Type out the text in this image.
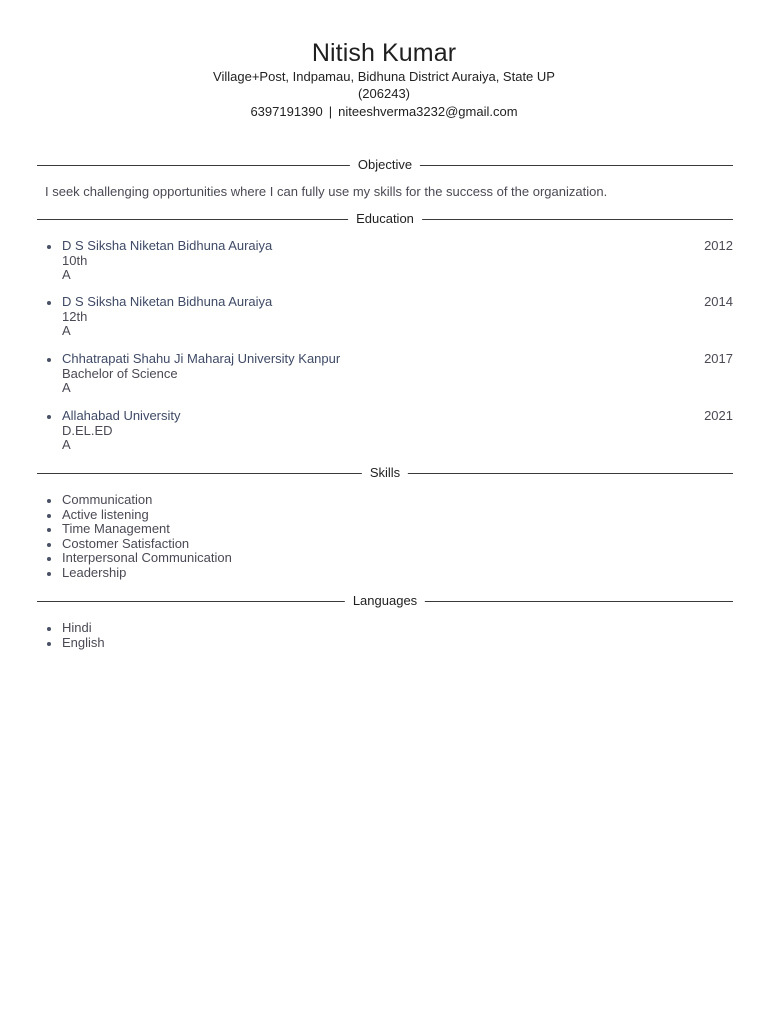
Nitish Kumar
Village+Post, Indpamau, Bidhuna District Auraiya, State UP
(206243)
6397191390 | niteeshverma3232@gmail.com
Objective
I seek challenging opportunities where I can fully use my skills for the success of the organization.
Education
D S Siksha Niketan Bidhuna Auraiya
10th
A
2012
D S Siksha Niketan Bidhuna Auraiya
12th
A
2014
Chhatrapati Shahu Ji Maharaj University Kanpur
Bachelor of Science
A
2017
Allahabad University
D.EL.ED
A
2021
Skills
Communication
Active listening
Time Management
Costomer Satisfaction
Interpersonal Communication
Leadership
Languages
Hindi
English
